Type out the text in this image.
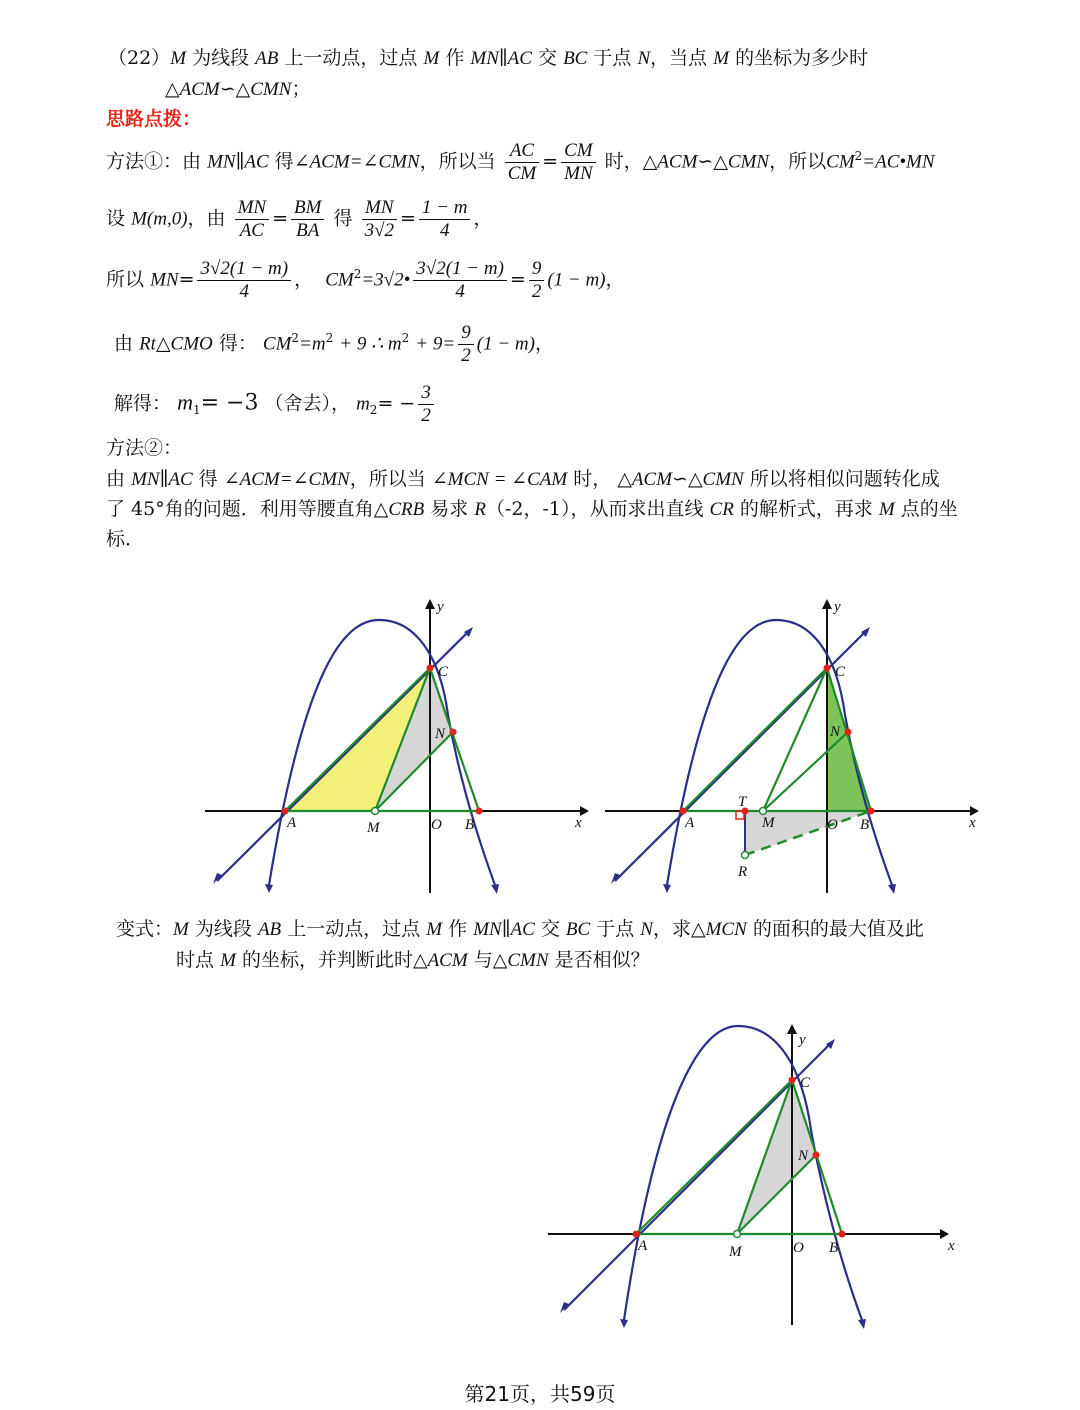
（22）M 为线段 AB 上一动点，过点 M 作 MN∥AC 交 BC 于点 N，当点 M 的坐标为多少时
△ACM∽△CMN；
思路点拨：
方法①：由 MN∥AC 得∠ACM=∠CMN，所以当 $\frac{AC}{CM} = \frac{CM}{MN}$ 时，△ACM∽△CMN，所以$CM^2=AC•MN$
设 M(m,0)，由 $\frac{MN}{AC} = \frac{BM}{BA}$ 得 $\frac{MN}{3√2} = \frac{1 - m}{4}$ ，
所以 $MN= \frac{3√2(1 - m)}{4}$ ， $CM^2=3√2• \frac{3√2(1 - m)}{4} = \frac{9}{2} (1 - m)$，
由 Rt△CMO 得： $CM^2=m^2 + 9$ ∴ $m^2 + 9= \frac{9}{2} (1 - m)$，
解得： $m_1= -3$ （舍去）， $m_2= - \frac{3}{2}$
方法②：
由 MN∥AC 得 ∠ACM=∠CMN，所以当 ∠MCN = ∠CAM 时， △ACM∽△CMN 所以将相似问题转化成
了 45°角的问题．利用等腰直角△CRB 易求 R（-2，-1），从而求出直线 CR 的解析式，再求 M 点的坐
标．
A	M	O B
C
N
x
y
A
T
M	O B
C
N
R
x
y
变式：M 为线段 AB 上一动点，过点 M 作 MN∥AC 交 BC 于点 N，求△MCN 的面积的最大值及此
时点 M 的坐标，并判断此时△ACM 与△CMN 是否相似？
A	M	O B
C
N
x
y
第21页，共59页
